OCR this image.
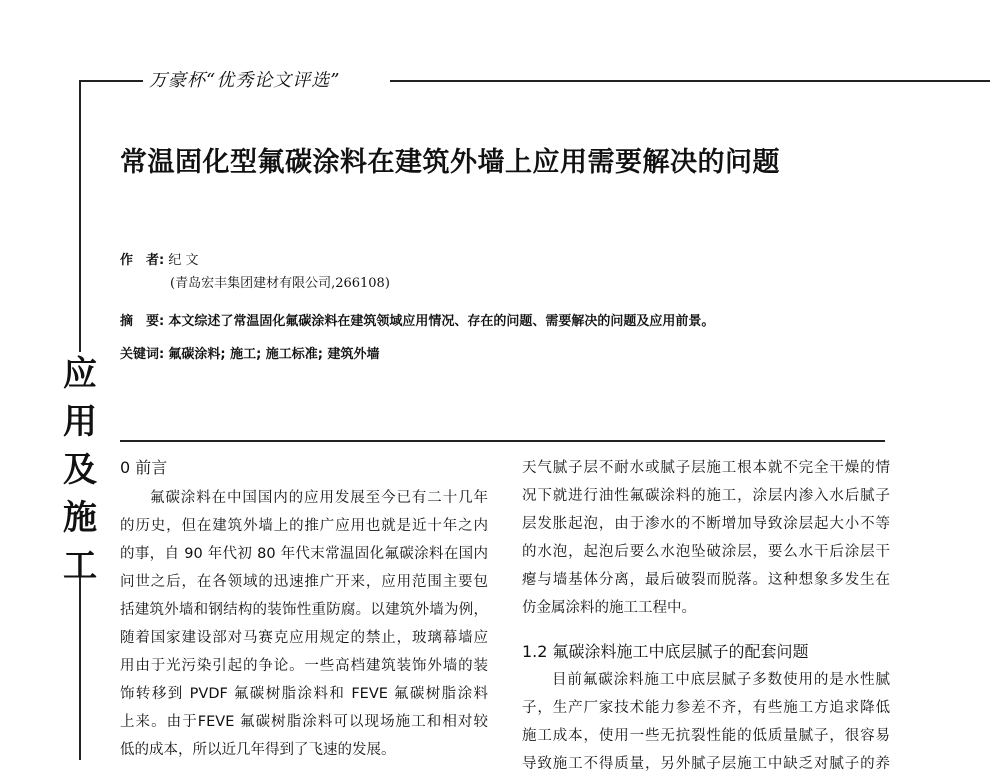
万豪杯“优秀论文评选”
应
用
及
施
工
常温固化型氟碳涂料在建筑外墙上应用需要解决的问题
作　者: 纪 文
(青岛宏丰集团建材有限公司,266108)
摘　要: 本文综述了常温固化氟碳涂料在建筑领域应用情况、存在的问题、需要解决的问题及应用前景。
关键词: 氟碳涂料; 施工; 施工标准; 建筑外墙
0 前言
氟碳涂料在中国国内的应用发展至今已有二十几年
的历史，但在建筑外墙上的推广应用也就是近十年之内
的事，自 90 年代初 80 年代末常温固化氟碳涂料在国内
问世之后，在各领域的迅速推广开来，应用范围主要包
括建筑外墙和钢结构的装饰性重防腐。以建筑外墙为例，
随着国家建设部对马赛克应用规定的禁止，玻璃幕墙应
用由于光污染引起的争论。一些高档建筑装饰外墙的装
饰转移到 PVDF 氟碳树脂涂料和 FEVE 氟碳树脂涂料
上来。由于FEVE 氟碳树脂涂料可以现场施工和相对较
低的成本，所以近几年得到了飞速的发展。
天气腻子层不耐水或腻子层施工根本就不完全干燥的情
况下就进行油性氟碳涂料的施工，涂层内渗入水后腻子
层发胀起泡，由于渗水的不断增加导致涂层起大小不等
的水泡，起泡后要么水泡坠破涂层，要么水干后涂层干
瘪与墙基体分离，最后破裂而脱落。这种想象多发生在
仿金属涂料的施工工程中。
1.2 氟碳涂料施工中底层腻子的配套问题
目前氟碳涂料施工中底层腻子多数使用的是水性腻
子，生产厂家技术能力参差不齐，有些施工方追求降低
施工成本，使用一些无抗裂性能的低质量腻子，很容易
导致施工不得质量，另外腻子层施工中缺乏对腻子的养
